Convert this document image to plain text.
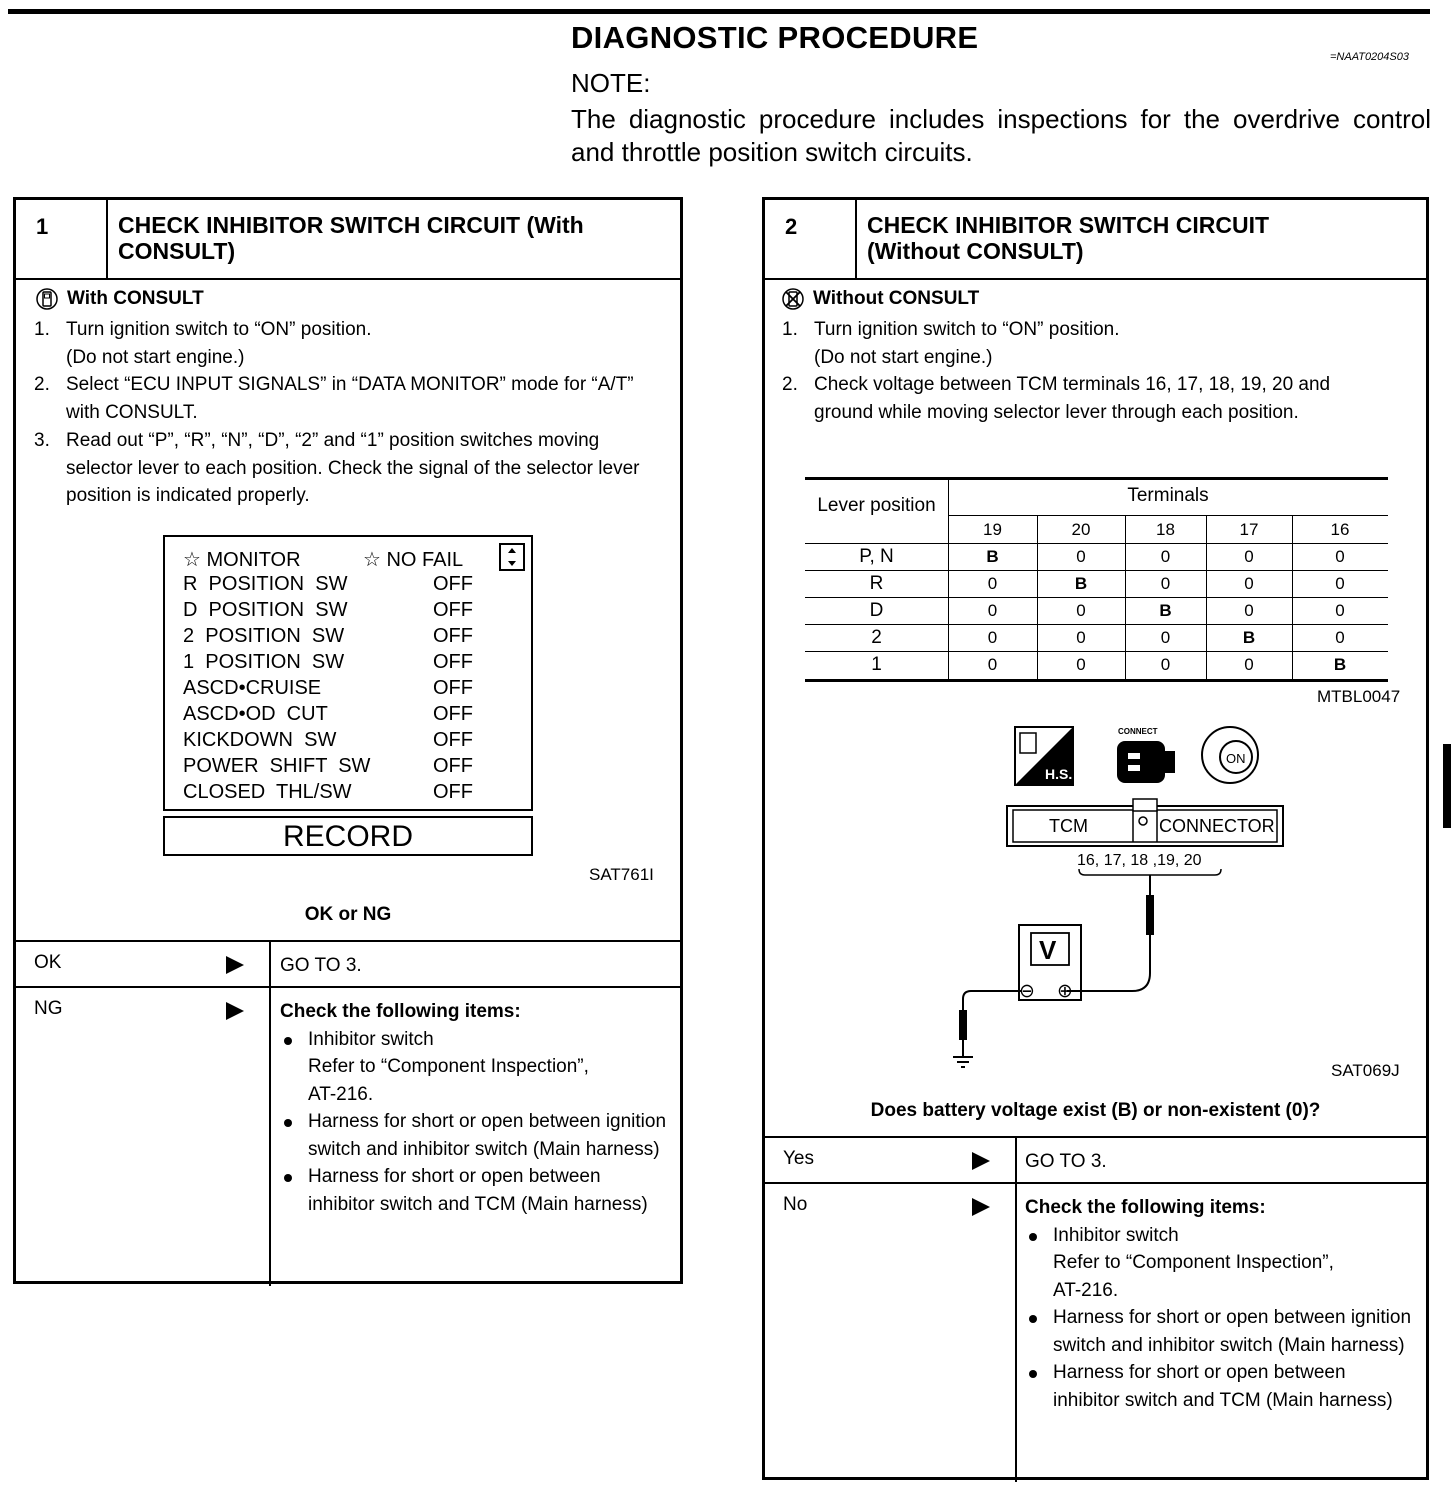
DIAGNOSTIC PROCEDURE
=NAAT0204S03
NOTE:
The diagnostic procedure includes inspections for the overdrive control and throttle position switch circuits.
1	CHECK INHIBITOR SWITCH CIRCUIT (With CONSULT)
With CONSULT
1. Turn ignition switch to “ON” position.
(Do not start engine.)
2. Select “ECU INPUT SIGNALS” in “DATA MONITOR” mode for “A/T” with CONSULT.
3. Read out “P”, “R”, “N”, “D”, “2” and “1” position switches moving selector lever to each position. Check the signal of the selector lever position is indicated properly.
☆ MONITOR	☆ NO FAIL
R  POSITION  SW	OFF
D  POSITION  SW	OFF
2  POSITION  SW	OFF
1  POSITION  SW	OFF
ASCD•CRUISE	OFF
ASCD•OD  CUT	OFF
KICKDOWN  SW	OFF
POWER  SHIFT  SW	OFF
CLOSED  THL/SW	OFF
RECORD
SAT761I
OK or NG
OK	GO TO 3.
NG	Check the following items:
Inhibitor switch
Refer to “Component Inspection”,
AT-216.
Harness for short or open between ignition switch and inhibitor switch (Main harness)
Harness for short or open between inhibitor switch and TCM (Main harness)
2	CHECK INHIBITOR SWITCH CIRCUIT (Without CONSULT)
Without CONSULT
1. Turn ignition switch to “ON” position.
(Do not start engine.)
2. Check voltage between TCM terminals 16, 17, 18, 19, 20 and ground while moving selector lever through each position.
Lever position	Terminals
19	20	18	17	16
P, N	B	0	0	0	0
R	0	B	0	0	0
D	0	0	B	0	0
2	0	0	0	B	0
1	0	0	0	0	B
MTBL0047
H.S.
CONNECT
ON
TCM	CONNECTOR
16, 17, 18 ,19, 20
V
⊖ ⊕
SAT069J
Does battery voltage exist (B) or non-existent (0)?
Yes	GO TO 3.
No	Check the following items:
Inhibitor switch
Refer to “Component Inspection”,
AT-216.
Harness for short or open between ignition switch and inhibitor switch (Main harness)
Harness for short or open between inhibitor switch and TCM (Main harness)
